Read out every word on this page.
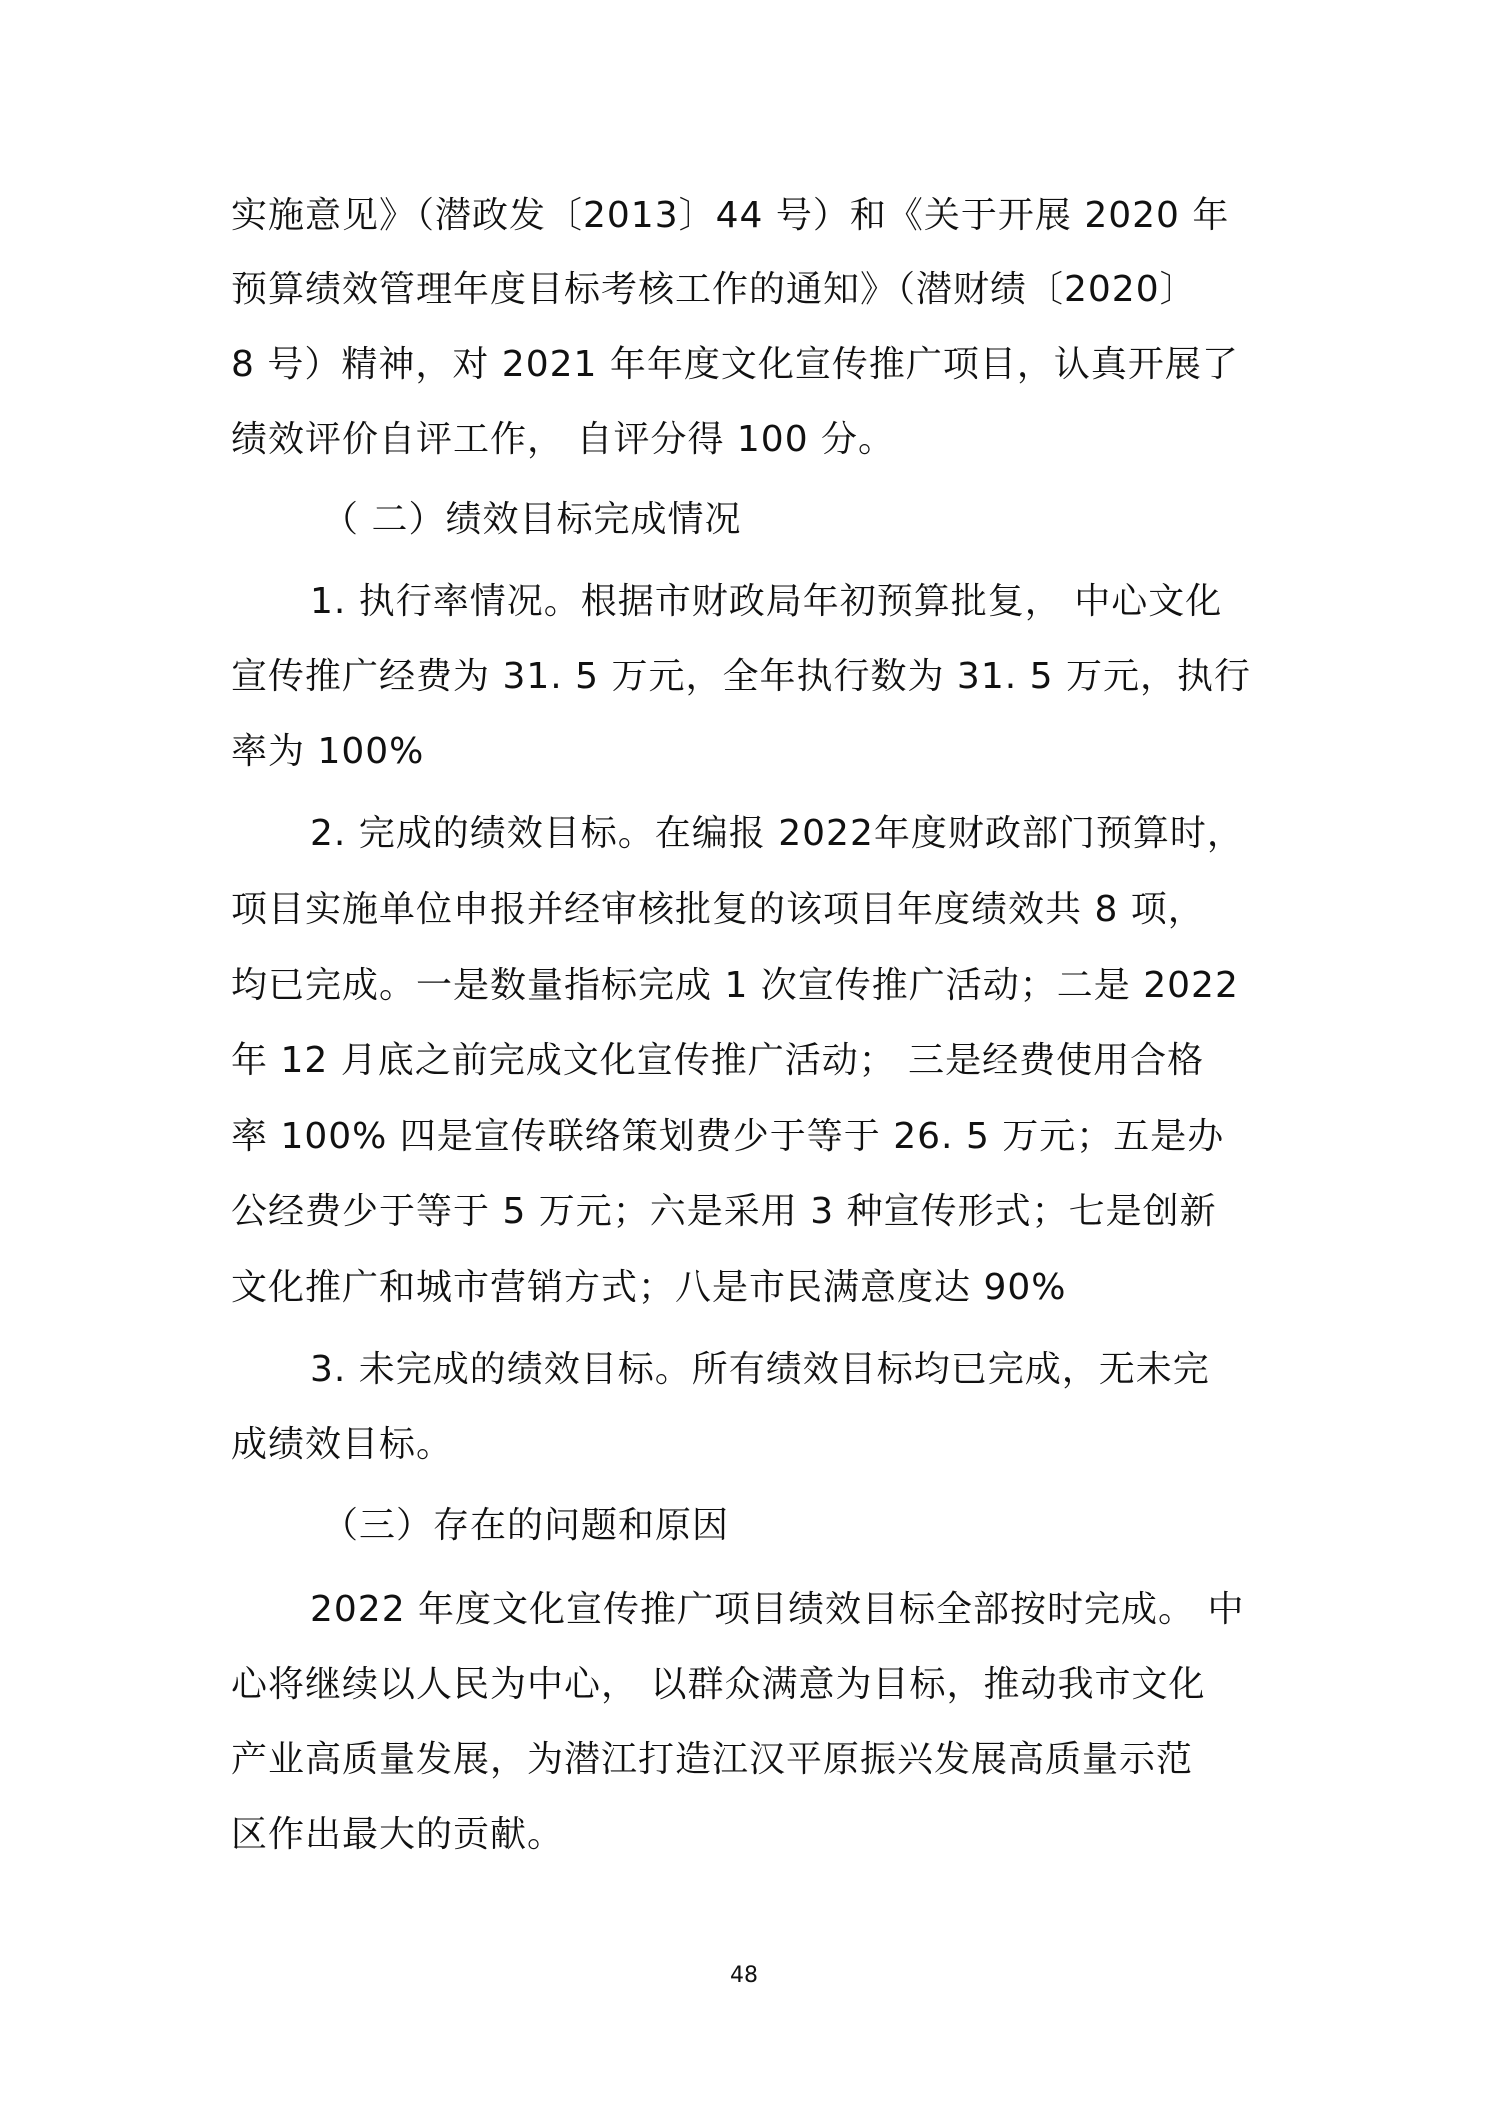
实施意见》（潜政发〔2013〕44 号）和《关于开展 2020 年
预算绩效管理年度目标考核工作的通知》（潜财绩〔2020〕
8 号）精神，对 2021 年年度文化宣传推广项目，认真开展了
绩效评价自评工作， 自评分得 100 分。
（ 二）绩效目标完成情况
1. 执行率情况。根据市财政局年初预算批复， 中心文化
宣传推广经费为 31. 5 万元，全年执行数为 31. 5 万元，执行
率为 100%
2. 完成的绩效目标。在编报 2022年度财政部门预算时，
项目实施单位申报并经审核批复的该项目年度绩效共 8 项，
均已完成。一是数量指标完成 1 次宣传推广活动；二是 2022
年 12 月底之前完成文化宣传推广活动； 三是经费使用合格
率 100% 四是宣传联络策划费少于等于 26. 5 万元；五是办
公经费少于等于 5 万元；六是采用 3 种宣传形式；七是创新
文化推广和城市营销方式；八是市民满意度达 90%
3. 未完成的绩效目标。所有绩效目标均已完成，无未完
成绩效目标。
（三）存在的问题和原因
2022 年度文化宣传推广项目绩效目标全部按时完成。 中
心将继续以人民为中心， 以群众满意为目标，推动我市文化
产业高质量发展，为潜江打造江汉平原振兴发展高质量示范
区作出最大的贡献。
48
